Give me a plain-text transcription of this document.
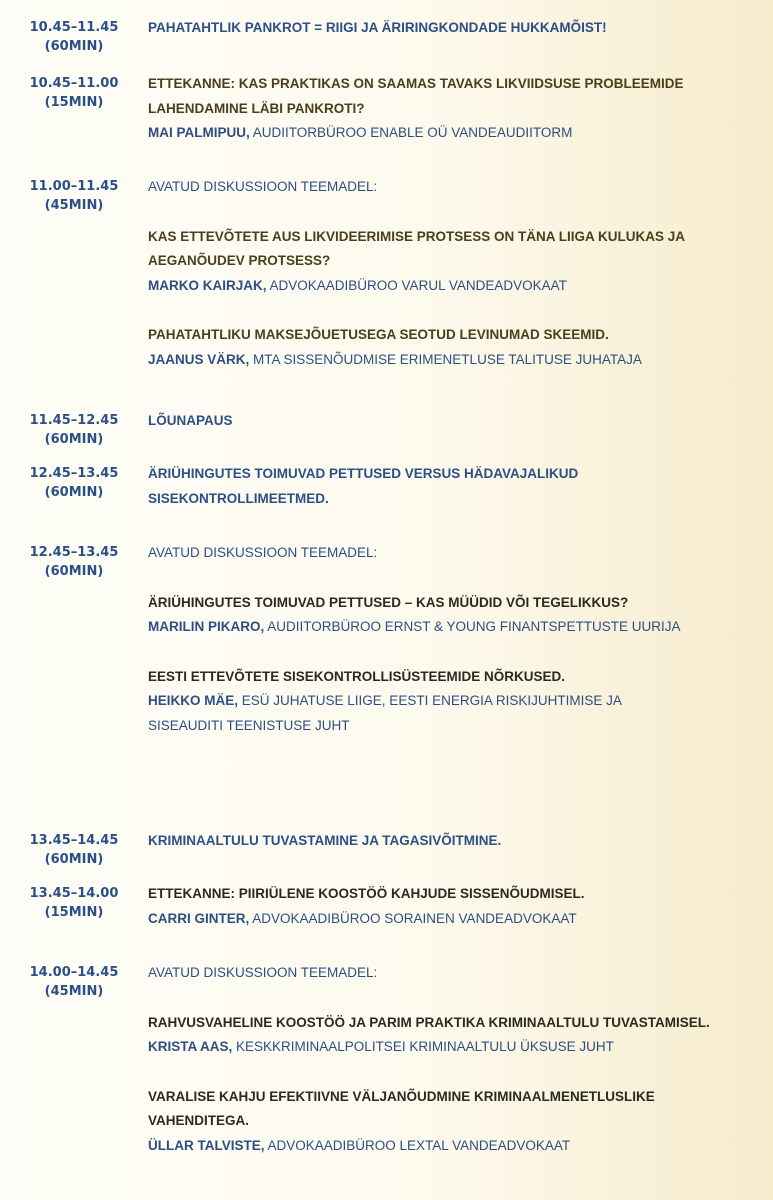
10.45–11.45
(60MIN)
PAHATAHTLIK PANKROT = RIIGI JA ÄRIRINGKONDADE HUKKAMÕIST!
10.45–11.00
(15MIN)
ETTEKANNE: KAS PRAKTIKAS ON SAAMAS TAVAKS LIKVIIDSUSE PROBLEEMIDE LAHENDAMINE LÄBI PANKROTI?
MAI PALMIPUU, AUDIITORBÜROO ENABLE OÜ VANDEAUDIITORM
11.00–11.45
(45MIN)
AVATUD DISKUSSIOON TEEMADEL:
KAS ETTEVÕTETE AUS LIKVIDEERIMISE PROTSESS ON TÄNA LIIGA KULUKAS JA AEGANÕUDEV PROTSESS?
MARKO KAIRJAK, ADVOKAADIBÜROO VARUL VANDEADVOKAAT
PAHATAHTLIKU MAKSEJÕUETUSEGA SEOTUD LEVINUMAD SKEEMID.
JAANUS VÄRK, MTA SISSENÕUDMISE ERIMENETLUSE TALITUSE JUHATAJA
11.45–12.45
(60MIN)
LÕUNAPAUS
12.45–13.45
(60MIN)
ÄRIÜHINGUTES TOIMUVAD PETTUSED VERSUS HÄDAVAJALIKUD SISEKONTROLLIMEETMED.
12.45–13.45
(60MIN)
AVATUD DISKUSSIOON TEEMADEL:
ÄRIÜHINGUTES TOIMUVAD PETTUSED – KAS MÜÜDID VÕI TEGELIKKUS?
MARILIN PIKARO, AUDIITORBÜROO ERNST & YOUNG FINANTSPETTUSTE UURIJA
EESTI ETTEVÕTETE SISEKONTROLLISÜSTEEMIDE NÕRKUSED.
HEIKKO MÄE, ESÜ JUHATUSE LIIGE, EESTI ENERGIA RISKIJUHTIMISE JA SISEAUDITI TEENISTUSE JUHT
13.45–14.45
(60MIN)
KRIMINAALTULU TUVASTAMINE JA TAGASIVÕITMINE.
13.45–14.00
(15MIN)
ETTEKANNE: PIIRIÜLENE KOOSTÖÖ KAHJUDE SISSENÕUDMISEL.
CARRI GINTER, ADVOKAADIBÜROO SORAINEN VANDEADVOKAAT
14.00–14.45
(45MIN)
AVATUD DISKUSSIOON TEEMADEL:
RAHVUSVAHELINE KOOSTÖÖ JA PARIM PRAKTIKA KRIMINAALTULU TUVASTAMISEL.
KRISTA AAS, KESKKRIMINAALPOLITSEI KRIMINAALTULU ÜKSUSE JUHT
VARALISE KAHJU EFEKTIIVNE VÄLJANÕUDMINE KRIMINAALMENETLUSLIKE VAHENDITEGA.
ÜLLAR TALVISTE, ADVOKAADIBÜROO LEXTAL VANDEADVOKAAT
